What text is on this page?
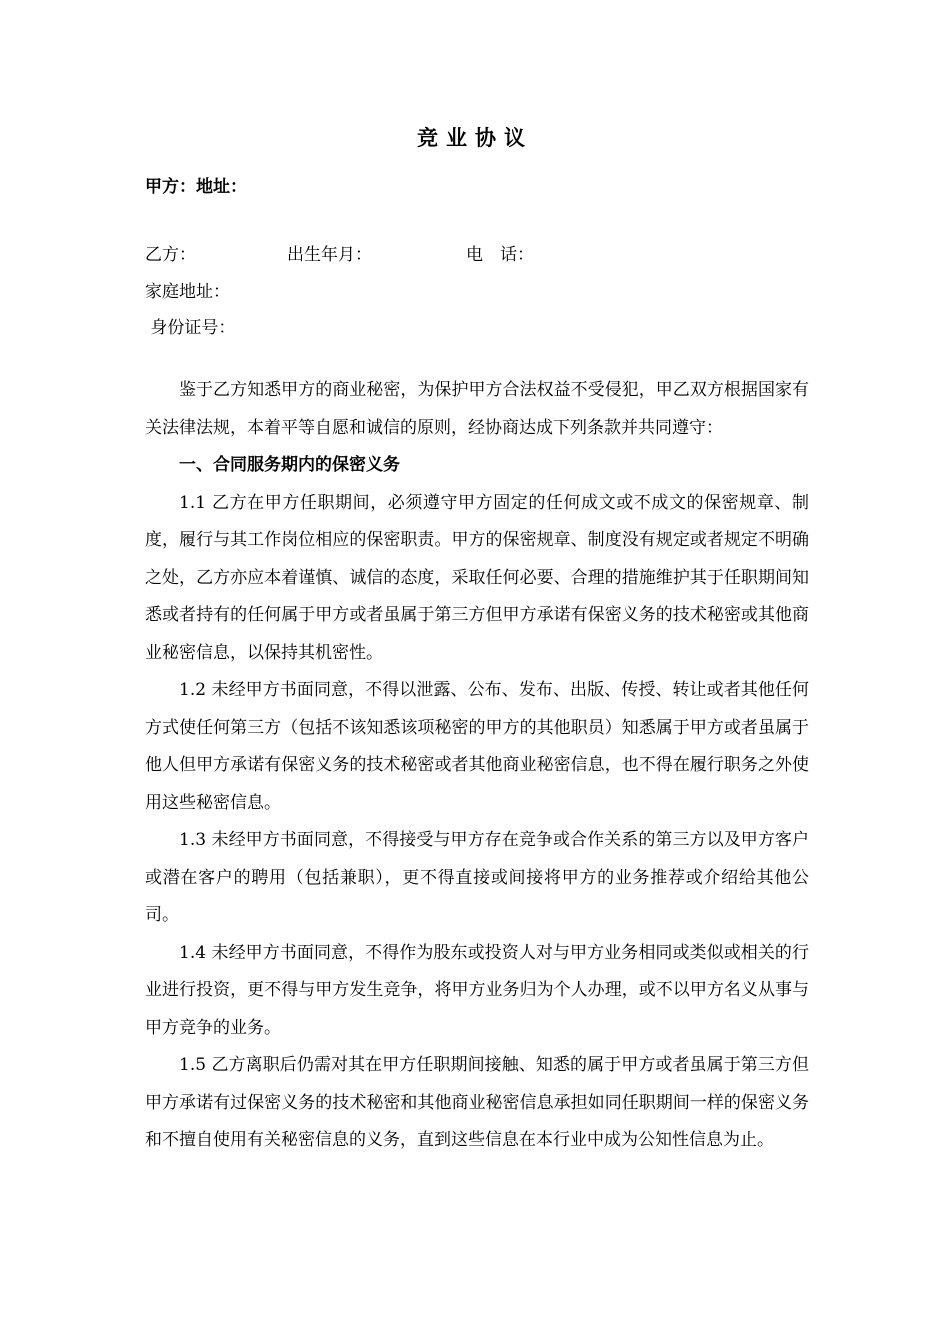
竞业协议
甲方：地址：
乙方：	出生年月：	电　话：
家庭地址：
身份证号：

鉴于乙方知悉甲方的商业秘密，为保护甲方合法权益不受侵犯，甲乙双方根据国家有关法律法规，本着平等自愿和诚信的原则，经协商达成下列条款并共同遵守：

一、合同服务期内的保密义务

1.1 乙方在甲方任职期间，必须遵守甲方固定的任何成文或不成文的保密规章、制度，履行与其工作岗位相应的保密职责。甲方的保密规章、制度没有规定或者规定不明确之处，乙方亦应本着谨慎、诚信的态度，采取任何必要、合理的措施维护其于任职期间知悉或者持有的任何属于甲方或者虽属于第三方但甲方承诺有保密义务的技术秘密或其他商业秘密信息，以保持其机密性。

1.2 未经甲方书面同意，不得以泄露、公布、发布、出版、传授、转让或者其他任何方式使任何第三方（包括不该知悉该项秘密的甲方的其他职员）知悉属于甲方或者虽属于他人但甲方承诺有保密义务的技术秘密或者其他商业秘密信息，也不得在履行职务之外使用这些秘密信息。

1.3 未经甲方书面同意，不得接受与甲方存在竞争或合作关系的第三方以及甲方客户或潜在客户的聘用（包括兼职），更不得直接或间接将甲方的业务推荐或介绍给其他公司。

1.4 未经甲方书面同意，不得作为股东或投资人对与甲方业务相同或类似或相关的行业进行投资，更不得与甲方发生竞争，将甲方业务归为个人办理，或不以甲方名义从事与甲方竞争的业务。

1.5 乙方离职后仍需对其在甲方任职期间接触、知悉的属于甲方或者虽属于第三方但甲方承诺有过保密义务的技术秘密和其他商业秘密信息承担如同任职期间一样的保密义务和不擅自使用有关秘密信息的义务，直到这些信息在本行业中成为公知性信息为止。
